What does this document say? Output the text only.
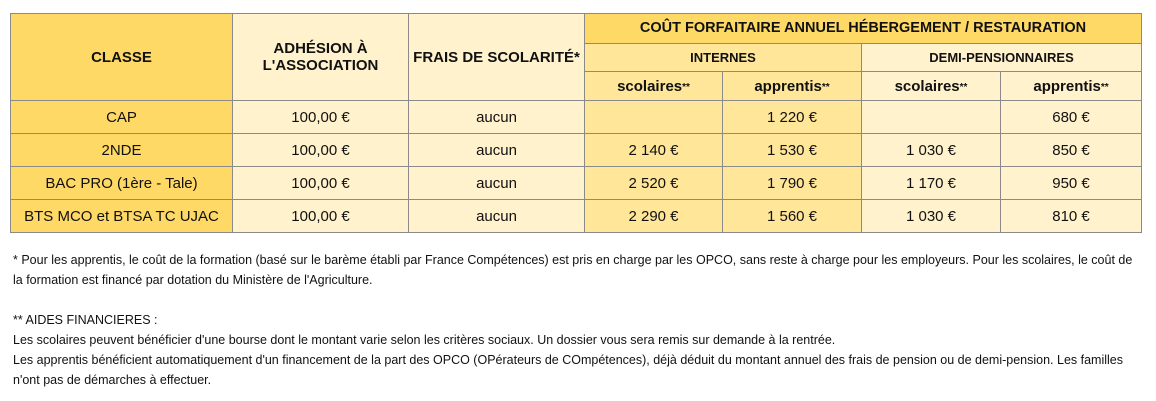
CLASSE	ADHÉSION À L'ASSOCIATION	FRAIS DE SCOLARITÉ*	COÛT FORFAITAIRE ANNUEL HÉBERGEMENT / RESTAURATION			
			INTERNES		DEMI-PENSIONNAIRES	
			scolaires**	apprentis**	scolaires**	apprentis**
CAP	100,00 €	aucun		1 220 €		680 €
2NDE	100,00 €	aucun	2 140 €	1 530 €	1 030 €	850 €
BAC PRO (1ère - Tale)	100,00 €	aucun	2 520 €	1 790 €	1 170 €	950 €
BTS MCO et BTSA TC UJAC	100,00 €	aucun	2 290 €	1 560 €	1 030 €	810 €

* Pour les apprentis, le coût de la formation (basé sur le barème établi par France Compétences) est pris en charge par les OPCO, sans reste à charge pour les employeurs. Pour les scolaires, le coût de la formation est financé par dotation du Ministère de l'Agriculture.

** AIDES FINANCIERES :

Les scolaires peuvent bénéficier d'une bourse dont le montant varie selon les critères sociaux. Un dossier vous sera remis sur demande à la rentrée.

Les apprentis bénéficient automatiquement d'un financement de la part des OPCO (OPérateurs de COmpétences), déjà déduit du montant annuel des frais de pension ou de demi-pension. Les familles n'ont pas de démarches à effectuer.
